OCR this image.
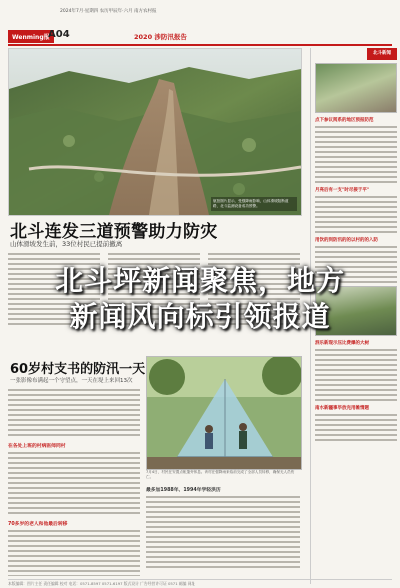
2024年7月·星期四 农历甲辰年·六月 南方农村报
Wenming报
A04	2020 涉防汛报告
航拍图片显示，受强降雨影响，山体滑坡阻断道路，北斗监测设备成功预警。
北斗新闻
点下参议阅系的地区预报防范
月亮后有一支"时尽接于平"
用饮的到防汛的的以村的的入防
泗乐新现示压比费爆的大树
南水新疆事毕放完用帷情题
北斗连发三道预警助力防灾
山体滑坡发生前，33位村民已提前撤离
北斗坪新闻聚焦，地方
新闻风向标引领报道
60岁村支书的防汛一天
一张影像布满起一个守望点，一天在堤上来回13次
在各处上班的村病医师同村
70多岁的老人和他最后转移
7月4日，村民在安置点帐篷旁休息。该村在强降雨来临前完成了全部人员转移，确保无人员伤亡。
最多加1988年、1994年学轻洪历
本版编辑：图片主任 责任编辑 校对 电话：0571-8597 0571-6197 版式设计 广告经营许可证 0571 邮编 网址
